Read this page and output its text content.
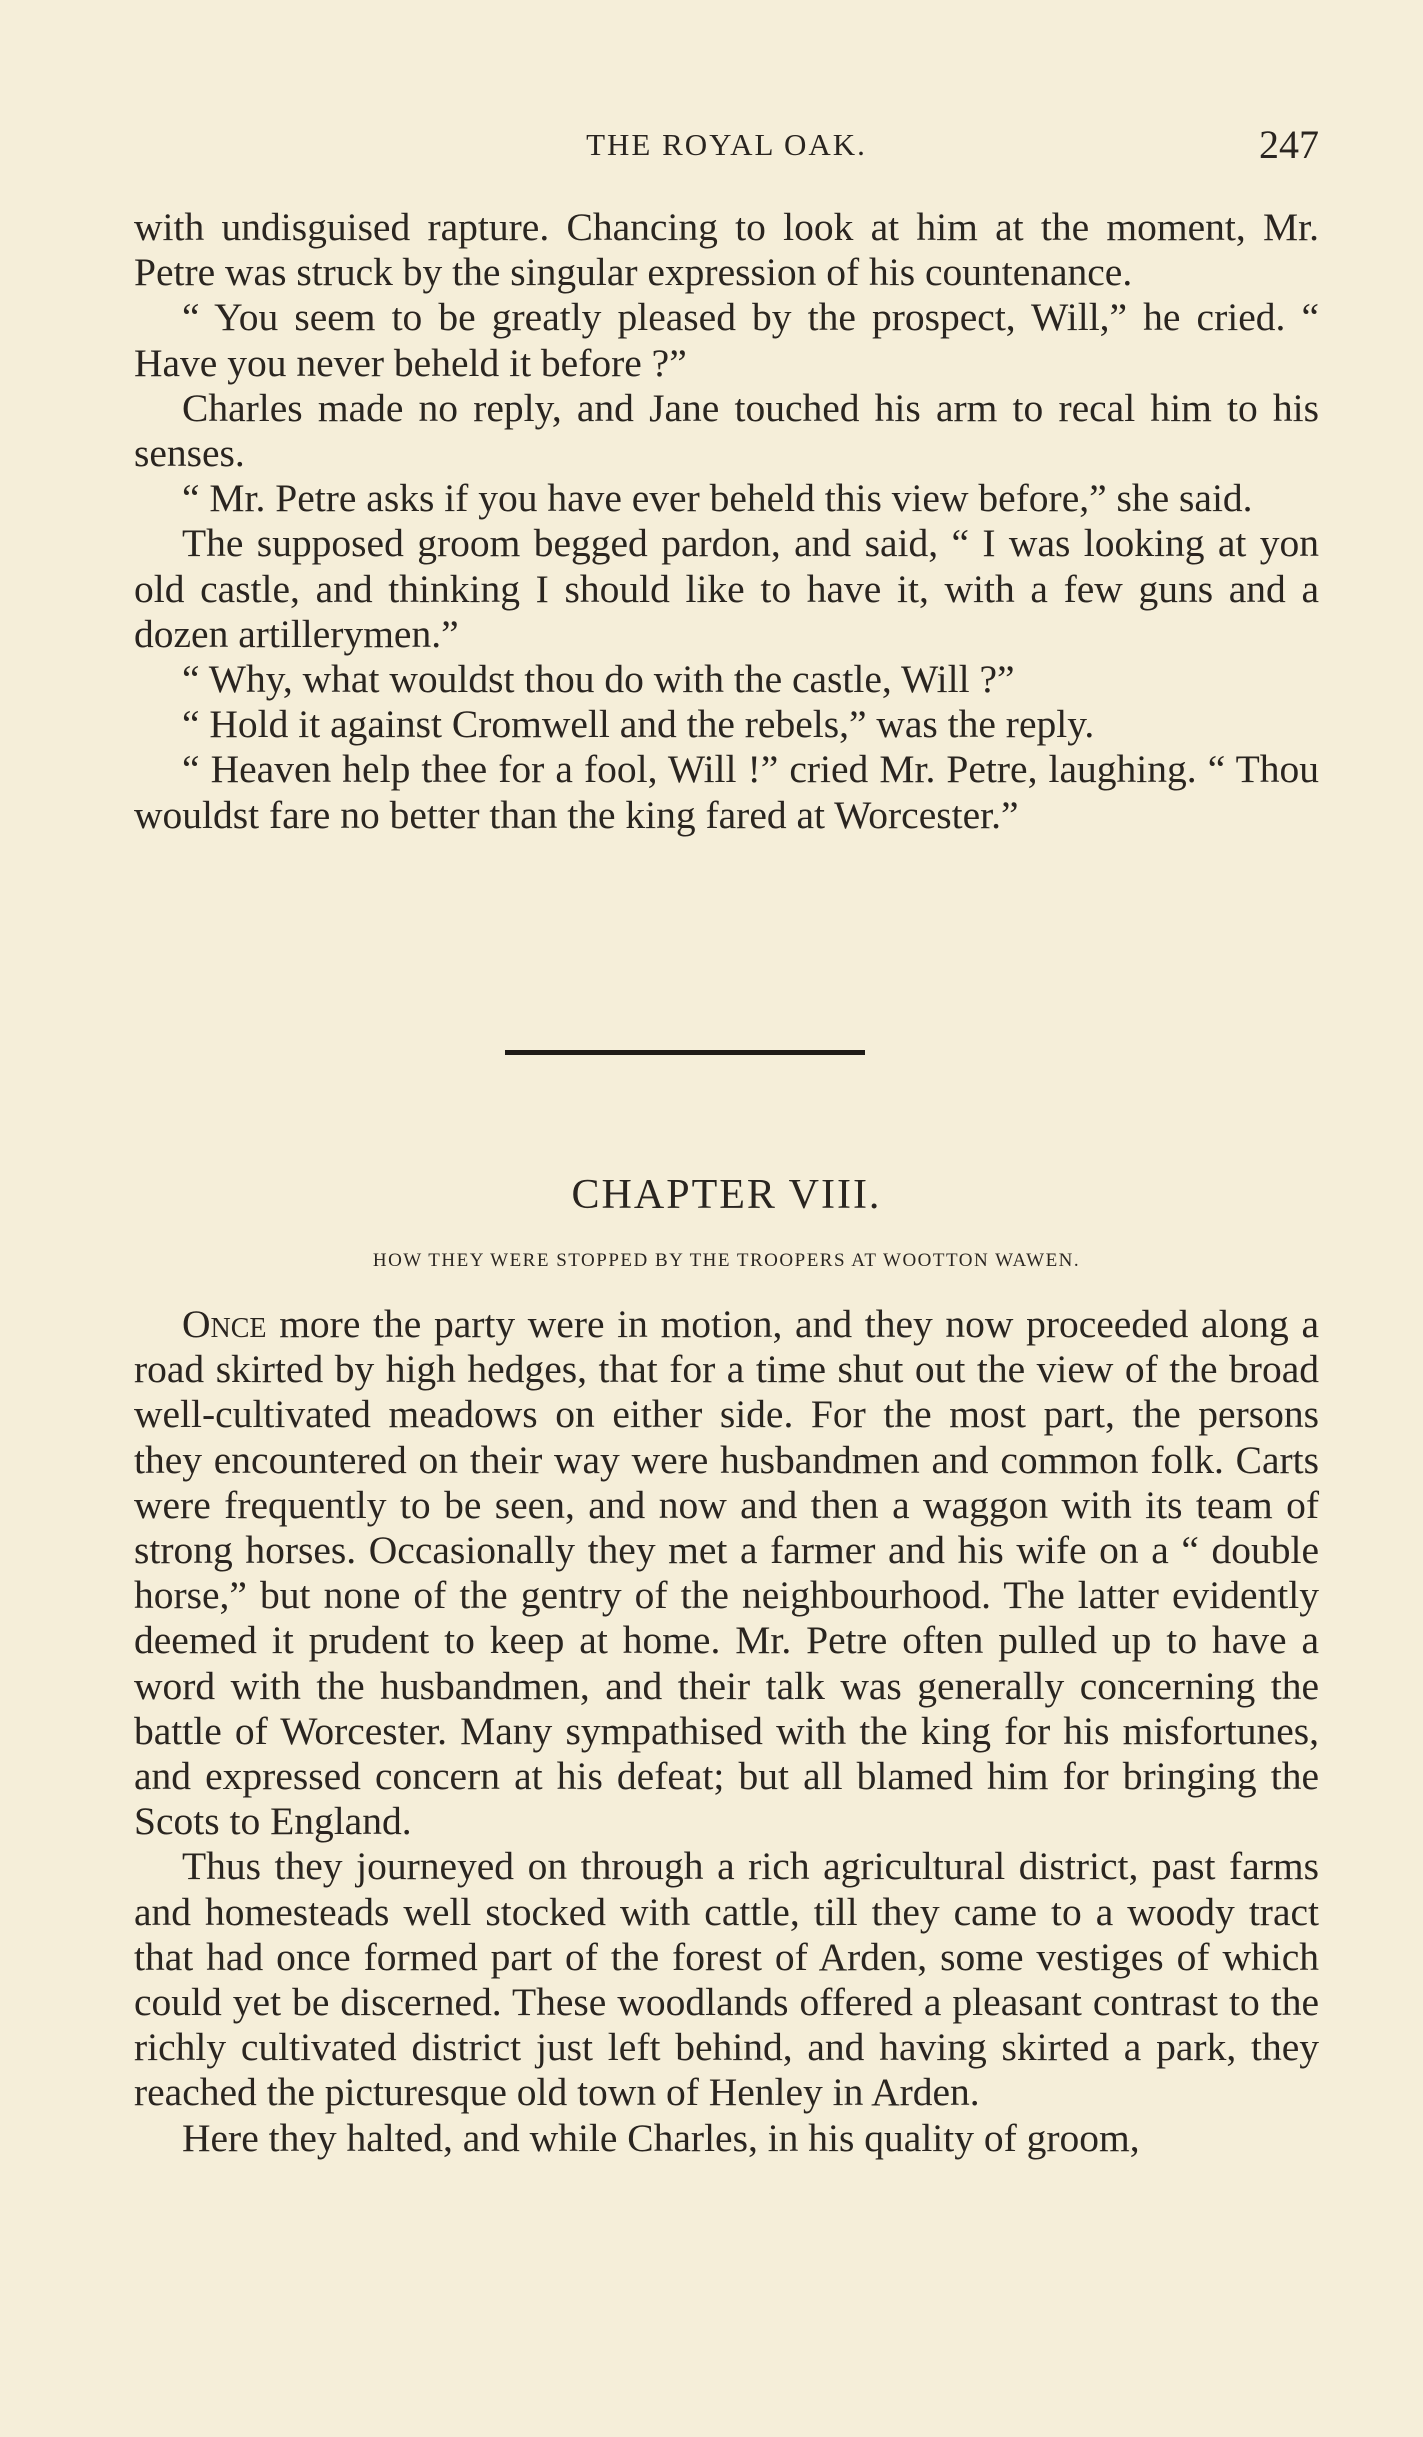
THE ROYAL OAK.	247

with undisguised rapture. Chancing to look at him at the moment, Mr. Petre was struck by the singular expression of his countenance.

“ You seem to be greatly pleased by the prospect, Will,” he cried. “ Have you never beheld it before ?”

Charles made no reply, and Jane touched his arm to recal him to his senses.

“ Mr. Petre asks if you have ever beheld this view before,” she said.

The supposed groom begged pardon, and said, “ I was looking at yon old castle, and thinking I should like to have it, with a few guns and a dozen artillerymen.”

“ Why, what wouldst thou do with the castle, Will ?”

“ Hold it against Cromwell and the rebels,” was the reply.

“ Heaven help thee for a fool, Will !” cried Mr. Petre, laughing. “ Thou wouldst fare no better than the king fared at Worcester.”

CHAPTER VIII.
HOW THEY WERE STOPPED BY THE TROOPERS AT WOOTTON WAWEN.

Once more the party were in motion, and they now proceeded along a road skirted by high hedges, that for a time shut out the view of the broad well-cultivated meadows on either side. For the most part, the persons they encountered on their way were husbandmen and common folk. Carts were frequently to be seen, and now and then a waggon with its team of strong horses. Occasionally they met a farmer and his wife on a “ double horse,” but none of the gentry of the neighbourhood. The latter evidently deemed it prudent to keep at home. Mr. Petre often pulled up to have a word with the husbandmen, and their talk was generally concerning the battle of Worcester. Many sympathised with the king for his misfortunes, and expressed concern at his defeat; but all blamed him for bringing the Scots to England.

Thus they journeyed on through a rich agricultural district, past farms and homesteads well stocked with cattle, till they came to a woody tract that had once formed part of the forest of Arden, some vestiges of which could yet be discerned. These woodlands offered a pleasant contrast to the richly cultivated district just left behind, and having skirted a park, they reached the picturesque old town of Henley in Arden.

Here they halted, and while Charles, in his quality of groom,
